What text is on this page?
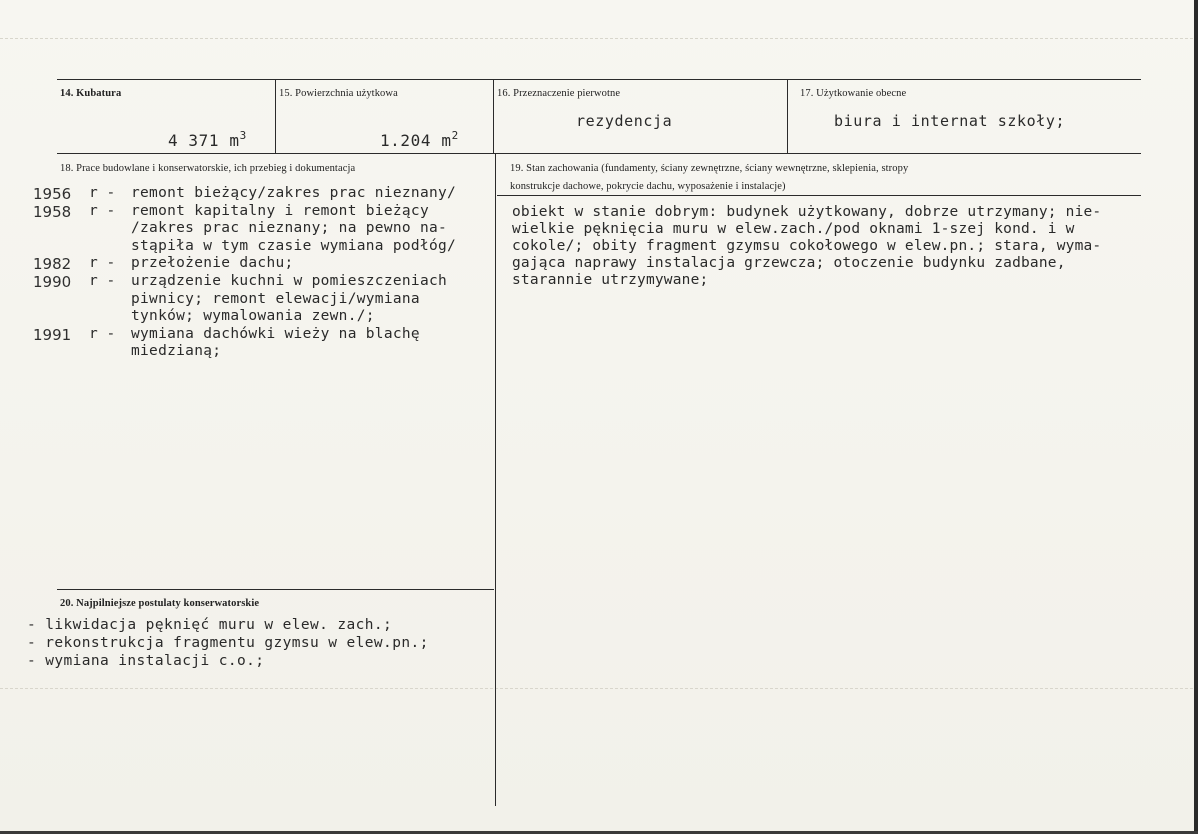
14. Kubatura

4 371 $m^3$

15. Powierzchnia użytkowa

1.204 $m^2$

16. Przeznaczenie pierwotne
rezydencja
17. Użytkowanie obecne
biura i internat szkoły;
18. Prace budowlane i konserwatorskie, ich przebieg i dokumentacja
1956	r - remont bieżący/zakres prac nieznany/
1958	r - remont kapitalny i remont bieżący
/zakres prac nieznany; na pewno na-
stąpiła w tym czasie wymiana podłóg/
1982	r - przełożenie dachu;
1990	r - urządzenie kuchni w pomieszczeniach
piwnicy; remont elewacji/wymiana
tynków; wymalowania zewn./;
1991	r - wymiana dachówki wieży na blachę
miedzianą;
19. Stan zachowania (fundamenty, ściany zewnętrzne, ściany wewnętrzne, sklepienia, stropy
konstrukcje dachowe, pokrycie dachu, wyposażenie i instalacje)
obiekt w stanie dobrym: budynek użytkowany, dobrze utrzymany; nie-
wielkie pęknięcia muru w elew.zach./pod oknami 1-szej kond. i w
cokole/; obity fragment gzymsu cokołowego w elew.pn.; stara, wyma-
gająca naprawy instalacja grzewcza; otoczenie budynku zadbane,
starannie utrzymywane;
20. Najpilniejsze postulaty konserwatorskie
- likwidacja pęknięć muru w elew. zach.;
- rekonstrukcja fragmentu gzymsu w elew.pn.;
- wymiana instalacji c.o.;
